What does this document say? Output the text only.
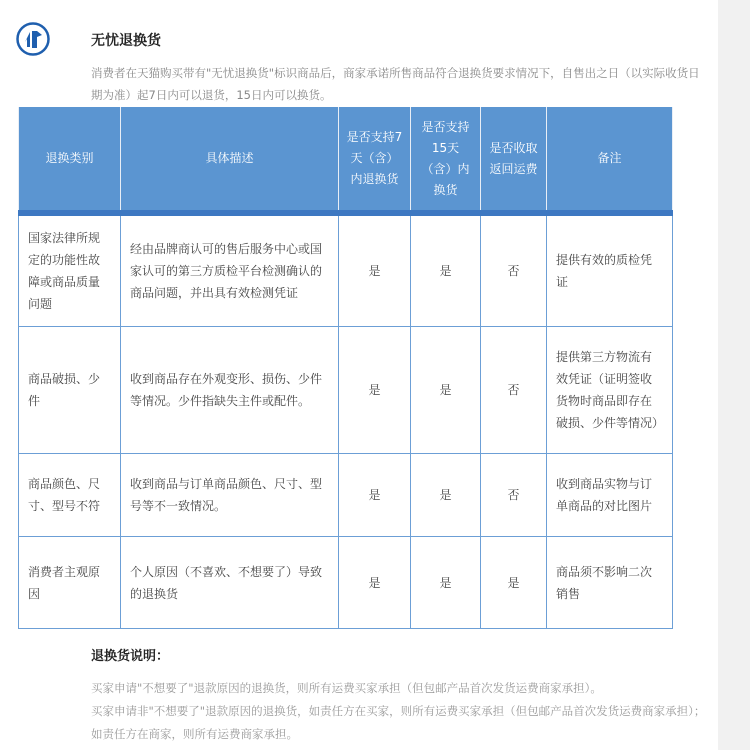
无忧退换货
消费者在天猫购买带有"无忧退换货"标识商品后，商家承诺所售商品符合退换货要求情况下，自售出之日（以实际收货日期为准）起7日内可以退货，15日内可以换货。
退换类别	具体描述	是否支持7天（含）内退换货	是否支持15天（含）内换货	是否收取返回运费	备注
国家法律所规定的功能性故障或商品质量问题	经由品牌商认可的售后服务中心或国家认可的第三方质检平台检测确认的商品问题，并出具有效检测凭证	是	是	否	提供有效的质检凭证
商品破损、少件	收到商品存在外观变形、损伤、少件等情况。少件指缺失主件或配件。	是	是	否	提供第三方物流有效凭证（证明签收货物时商品即存在破损、少件等情况）
商品颜色、尺寸、型号不符	收到商品与订单商品颜色、尺寸、型号等不一致情况。	是	是	否	收到商品实物与订单商品的对比图片
消费者主观原因	个人原因（不喜欢、不想要了）导致的退换货	是	是	是	商品须不影响二次销售
退换货说明：
买家申请"不想要了"退款原因的退换货，则所有运费买家承担（但包邮产品首次发货运费商家承担）。
买家申请非"不想要了"退款原因的退换货，如责任方在买家，则所有运费买家承担（但包邮产品首次发货运费商家承担）；
如责任方在商家，则所有运费商家承担。
